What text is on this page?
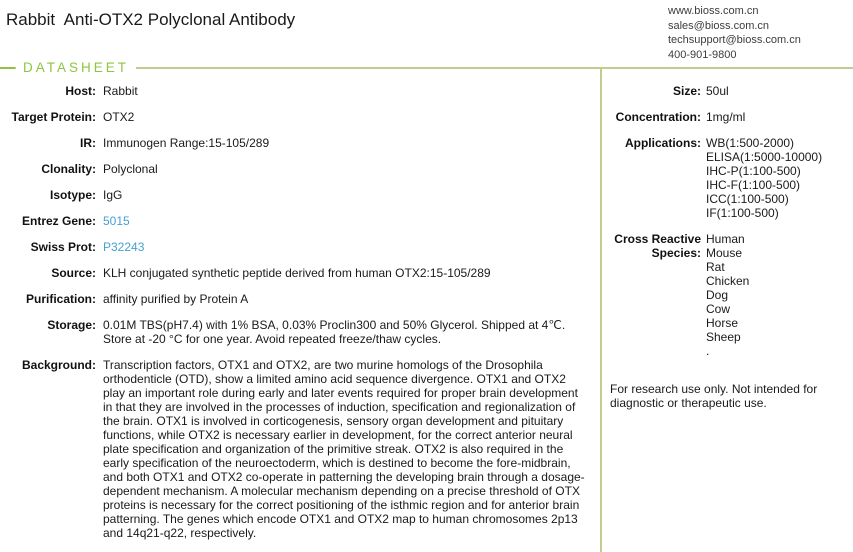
Rabbit  Anti-OTX2 Polyclonal Antibody	www.bioss.com.cn
sales@bioss.com.cn
techsupport@bioss.com.cn
400-901-9800
DATASHEET
Host: Rabbit
Target Protein: OTX2
IR: Immunogen Range:15-105/289
Clonality: Polyclonal
Isotype: IgG
Entrez Gene: 5015
Swiss Prot: P32243
Source: KLH conjugated synthetic peptide derived from human OTX2:15-105/289
Purification: affinity purified by Protein A
Storage: 0.01M TBS(pH7.4) with 1% BSA, 0.03% Proclin300 and 50% Glycerol. Shipped at 4℃. Store at -20 °C for one year. Avoid repeated freeze/thaw cycles.
Background: Transcription factors, OTX1 and OTX2, are two murine homologs of the Drosophila orthodenticle (OTD), show a limited amino acid sequence divergence. OTX1 and OTX2 play an important role during early and later events required for proper brain development in that they are involved in the processes of induction, specification and regionalization of the brain. OTX1 is involved in corticogenesis, sensory organ development and pituitary functions, while OTX2 is necessary earlier in development, for the correct anterior neural plate specification and organization of the primitive streak. OTX2 is also required in the early specification of the neuroectoderm, which is destined to become the fore-midbrain, and both OTX1 and OTX2 co-operate in patterning the developing brain through a dosage-dependent mechanism. A molecular mechanism depending on a precise threshold of OTX proteins is necessary for the correct positioning of the isthmic region and for anterior brain patterning. The genes which encode OTX1 and OTX2 map to human chromosomes 2p13 and 14q21-q22, respectively.
Size: 50ul
Concentration: 1mg/ml
Applications: WB(1:500-2000)
ELISA(1:5000-10000)
IHC-P(1:100-500)
IHC-F(1:100-500)
ICC(1:100-500)
IF(1:100-500)
Cross Reactive
Species:
Human
Mouse
Rat
Chicken
Dog
Cow
Horse
Sheep
.
For research use only. Not intended for diagnostic or therapeutic use.
